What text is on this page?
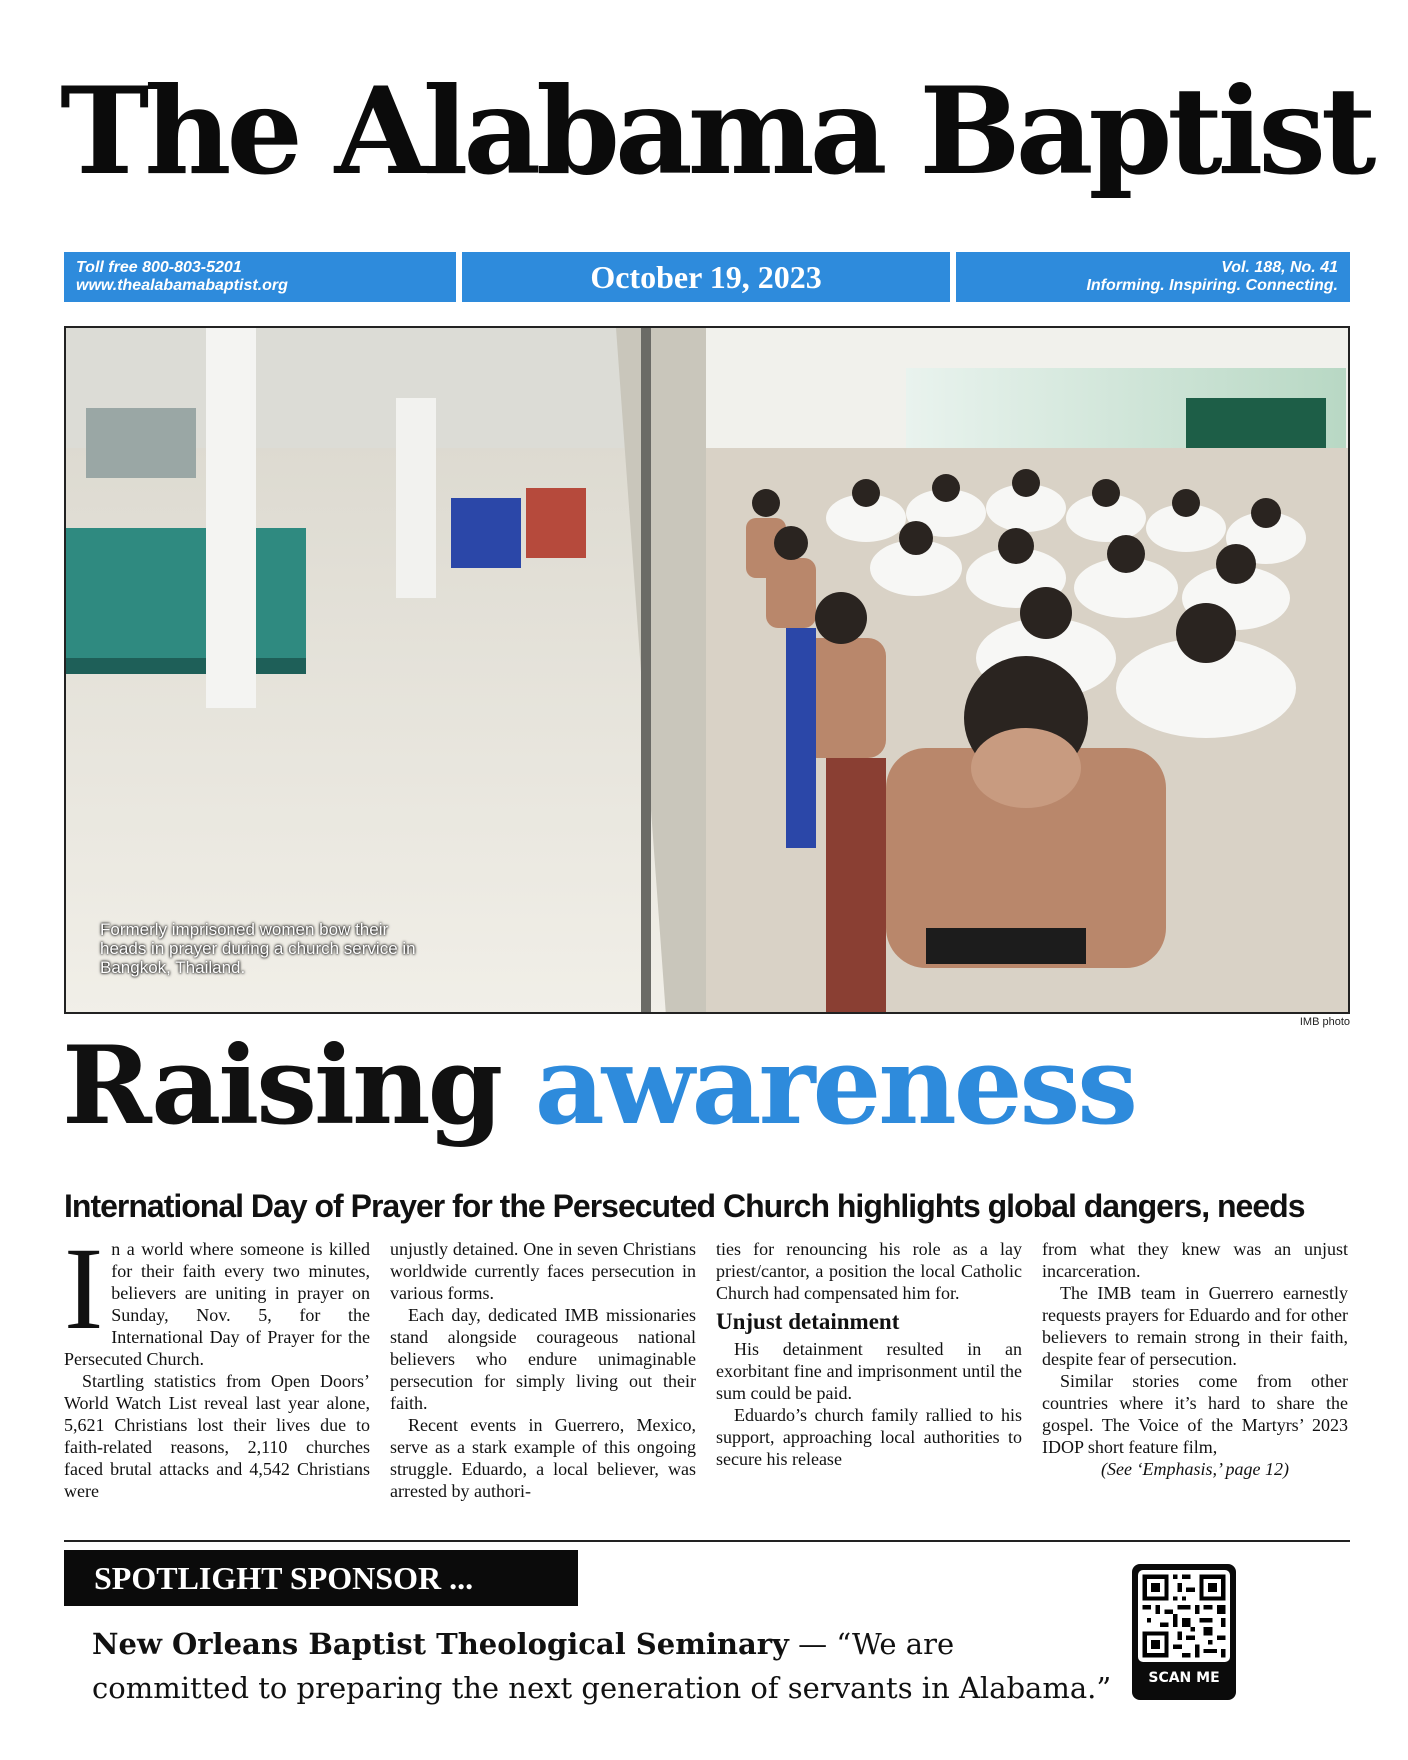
The Alabama Baptist
Toll free 800-803-5201
www.thealabamabaptist.org	October 19, 2023	Vol. 188, No. 41
Informing. Inspiring. Connecting.
Formerly imprisoned women bow their heads in prayer during a church service in Bangkok, Thailand.
IMB photo
Raising awareness
International Day of Prayer for the Persecuted Church highlights global dangers, needs
I n a world where someone is killed for their faith every two minutes, believers are uniting in prayer on Sunday, Nov. 5, for the International Day of Prayer for the Persecuted Church.

Startling statistics from Open Doors’ World Watch List reveal last year alone, 5,621 Christians lost their lives due to faith-related reasons, 2,110 churches faced brutal attacks and 4,542 Christians were

unjustly detained. One in seven Christians worldwide currently faces persecution in various forms.

Each day, dedicated IMB missionaries stand alongside courageous national believers who endure unimaginable persecution for simply living out their faith.

Recent events in Guerrero, Mexico, serve as a stark example of this ongoing struggle. Eduardo, a local believer, was arrested by authori-

ties for renouncing his role as a lay priest/cantor, a position the local Catholic Church had compensated him for.

Unjust detainment

His detainment resulted in an exorbitant fine and imprisonment until the sum could be paid.

Eduardo’s church family rallied to his support, approaching local authorities to secure his release

from what they knew was an unjust incarceration.

The IMB team in Guerrero earnestly requests prayers for Eduardo and for other believers to remain strong in their faith, despite fear of persecution.

Similar stories come from other countries where it’s hard to share the gospel. The Voice of the Martyrs’ 2023 IDOP short feature film,

(See ‘Emphasis,’ page 12)

SPOTLIGHT SPONSOR ...
New Orleans Baptist Theological Seminary — “We are committed to preparing the next generation of servants in Alabama.”	SCAN ME
